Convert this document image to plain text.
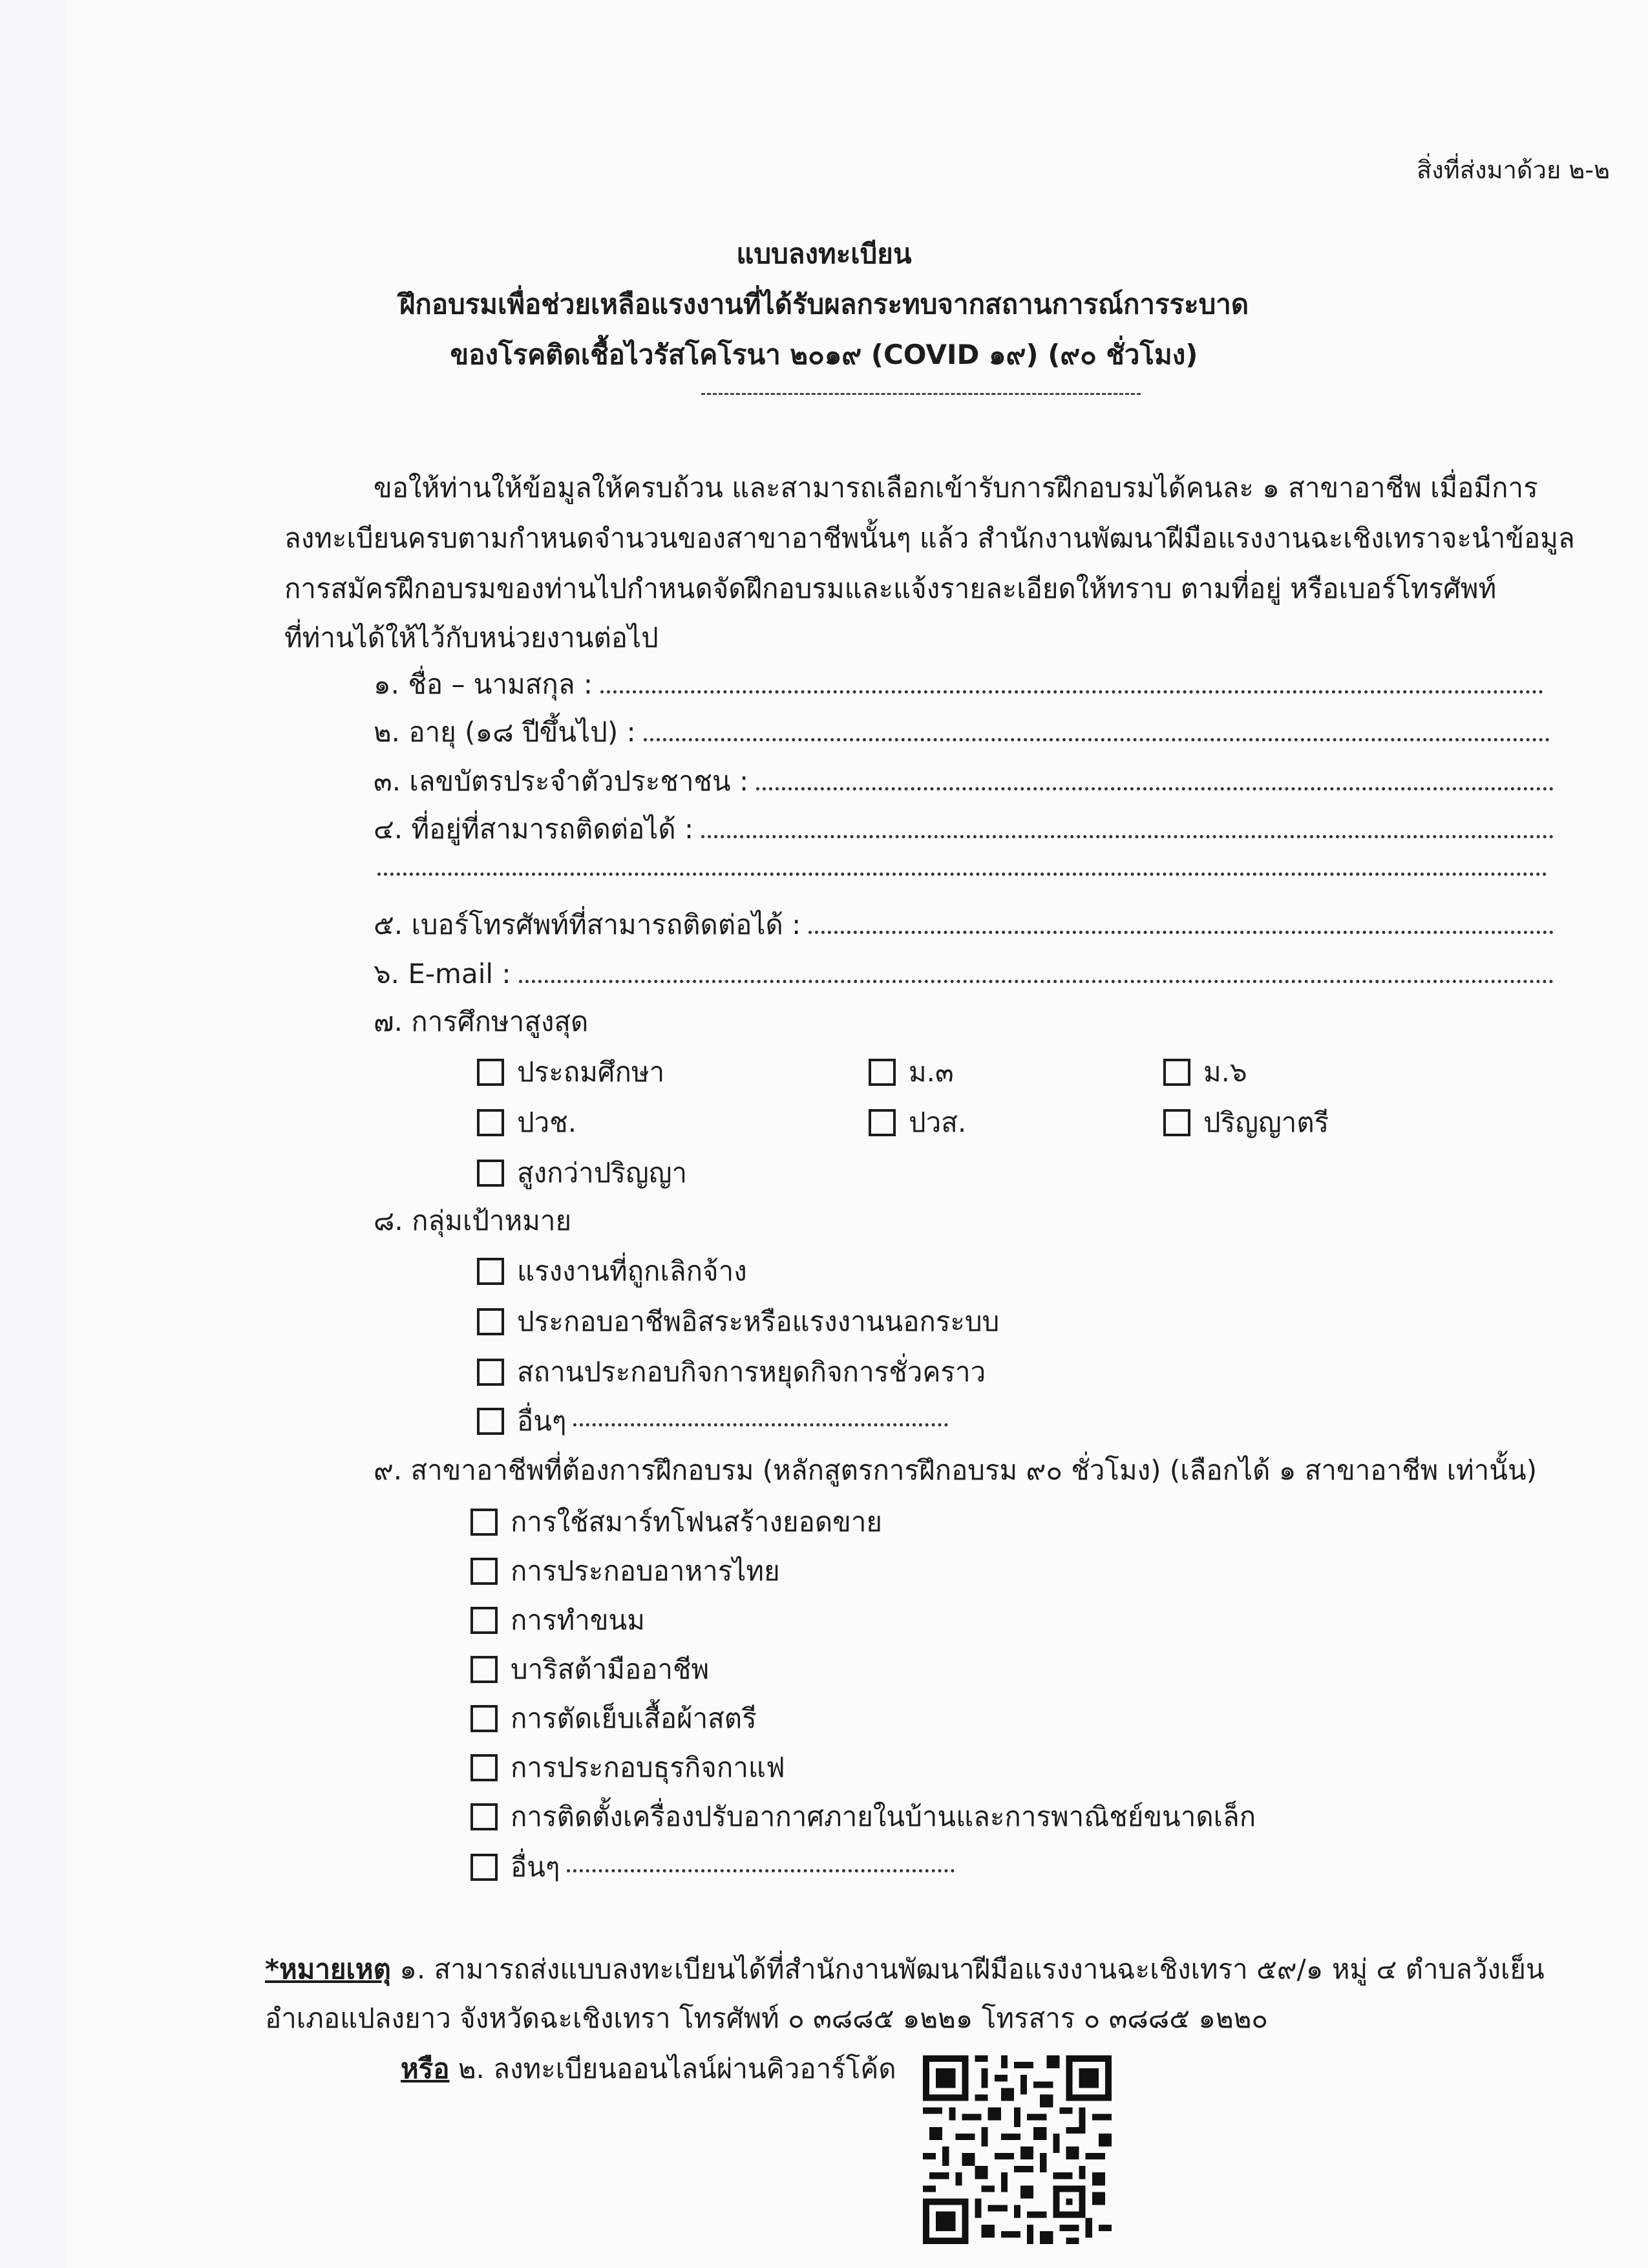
สิ่งที่ส่งมาด้วย ๒-๒
แบบลงทะเบียน
ฝึกอบรมเพื่อช่วยเหลือแรงงานที่ได้รับผลกระทบจากสถานการณ์การระบาด
ของโรคติดเชื้อไวรัสโคโรนา ๒๐๑๙ (COVID ๑๙) (๙๐ ชั่วโมง)
ขอให้ท่านให้ข้อมูลให้ครบถ้วน และสามารถเลือกเข้ารับการฝึกอบรมได้คนละ ๑ สาขาอาชีพ เมื่อมีการ
ลงทะเบียนครบตามกำหนดจำนวนของสาขาอาชีพนั้นๆ แล้ว สำนักงานพัฒนาฝีมือแรงงานฉะเชิงเทราจะนำข้อมูล
การสมัครฝึกอบรมของท่านไปกำหนดจัดฝึกอบรมและแจ้งรายละเอียดให้ทราบ ตามที่อยู่ หรือเบอร์โทรศัพท์
ที่ท่านได้ให้ไว้กับหน่วยงานต่อไป
๑. ชื่อ – นามสกุล :
๒. อายุ (๑๘ ปีขึ้นไป) :
๓. เลขบัตรประจำตัวประชาชน :
๔. ที่อยู่ที่สามารถติดต่อได้ :
๕. เบอร์โทรศัพท์ที่สามารถติดต่อได้ :
๖. E-mail :
๗. การศึกษาสูงสุด
ประถมศึกษา	ม.๓	ม.๖
ปวช.	ปวส.	ปริญญาตรี
สูงกว่าปริญญา
๘. กลุ่มเป้าหมาย
แรงงานที่ถูกเลิกจ้าง
ประกอบอาชีพอิสระหรือแรงงานนอกระบบ
สถานประกอบกิจการหยุดกิจการชั่วคราว
อื่นๆ
๙. สาขาอาชีพที่ต้องการฝึกอบรม (หลักสูตรการฝึกอบรม ๙๐ ชั่วโมง) (เลือกได้ ๑ สาขาอาชีพ เท่านั้น)
การใช้สมาร์ทโฟนสร้างยอดขาย
การประกอบอาหารไทย
การทำขนม
บาริสต้ามืออาชีพ
การตัดเย็บเสื้อผ้าสตรี
การประกอบธุรกิจกาแฟ
การติดตั้งเครื่องปรับอากาศภายในบ้านและการพาณิชย์ขนาดเล็ก
อื่นๆ
*หมายเหตุ ๑. สามารถส่งแบบลงทะเบียนได้ที่สำนักงานพัฒนาฝีมือแรงงานฉะเชิงเทรา ๕๙/๑ หมู่ ๔ ตำบลวังเย็น
อำเภอแปลงยาว จังหวัดฉะเชิงเทรา โทรศัพท์ ๐ ๓๘๘๕ ๑๒๒๑ โทรสาร ๐ ๓๘๘๕ ๑๒๒๐
หรือ ๒. ลงทะเบียนออนไลน์ผ่านคิวอาร์โค้ด
